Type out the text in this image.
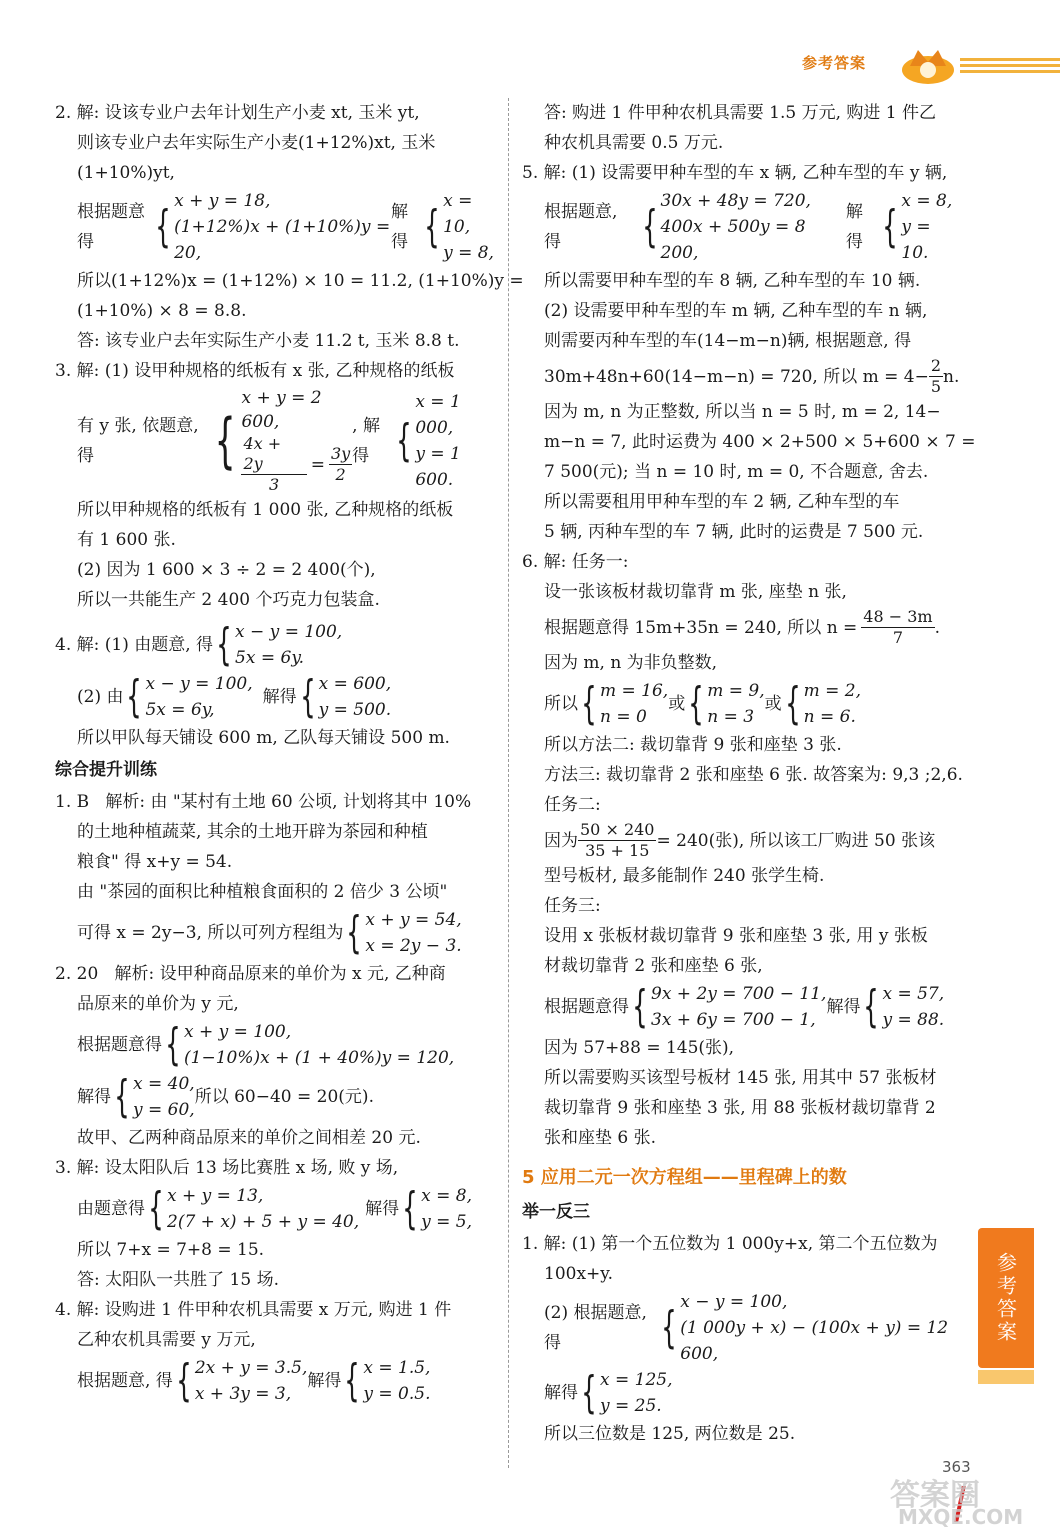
参考答案

2. 解: 设该专业户去年计划生产小麦 xt, 玉米 yt,

则该专业户去年实际生产小麦(1+12%)xt, 玉米

(1+10%)yt,

根据题意得	{ x + y = 18,
(1+12%)x + (1+10%)y = 20,
解得 { x = 10,
y = 8,

所以(1+12%)x = (1+12%) × 10 = 11.2, (1+10%)y =

(1+10%) × 8 = 8.8.

答: 该专业户去年实际生产小麦 11.2 t, 玉米 8.8 t.

3. 解: (1) 设甲种规格的纸板有 x 张, 乙种规格的纸板

有 y 张, 依题意, 得	{
x + y = 2 600,
$\frac{4x + 2y}{3} = \frac{3y}{2}$
, 解得 {
x = 1 000,
y = 1 600.

所以甲种规格的纸板有 1 000 张, 乙种规格的纸板

有 1 600 张.

(2) 因为 1 600 × 3 ÷ 2 = 2 400(个),

所以一共能生产 2 400 个巧克力包装盒.

4. 解: (1) 由题意, 得 { x − y = 100,
5x = 6y.
(2) 由 { x − y = 100,
5x = 6y,
解得 { x = 600,
y = 500.

所以甲队每天铺设 600 m, 乙队每天铺设 500 m.

综合提升训练

1. B   解析: 由 "某村有土地 60 公顷, 计划将其中 10%

的土地种植蔬菜, 其余的土地开辟为茶园和种植

粮食" 得 x+y = 54.

由 "茶园的面积比种植粮食面积的 2 倍少 3 公顷"

可得 x = 2y−3, 所以可列方程组为 { x + y = 54,
x = 2y − 3.

2. 20   解析: 设甲种商品原来的单价为 x 元, 乙种商

品原来的单价为 y 元,

根据题意得 { x + y = 100,
(1−10%)x + (1 + 40%)y = 120,
解得 { x = 40,
y = 60,
所以 60−40 = 20(元).

故甲、乙两种商品原来的单价之间相差 20 元.

3. 解: 设太阳队后 13 场比赛胜 x 场, 败 y 场,

由题意得 { x + y = 13,
2(7 + x) + 5 + y = 40,
解得 { x = 8,
y = 5,

所以 7+x = 7+8 = 15.

答: 太阳队一共胜了 15 场.

4. 解: 设购进 1 件甲种农机具需要 x 万元, 购进 1 件

乙种农机具需要 y 万元,

根据题意, 得 { 2x + y = 3.5,
x + 3y = 3,
解得 { x = 1.5,
y = 0.5.

答: 购进 1 件甲种农机具需要 1.5 万元, 购进 1 件乙

种农机具需要 0.5 万元.

5. 解: (1) 设需要甲种车型的车 x 辆, 乙种车型的车 y 辆,

根据题意, 得	{ 30x + 48y = 720,
400x + 500y = 8 200,
解得 { x = 8,
y = 10.

所以需要甲种车型的车 8 辆, 乙种车型的车 10 辆.

(2) 设需要甲种车型的车 m 辆, 乙种车型的车 n 辆,

则需要丙种车型的车(14−m−n)辆, 根据题意, 得

30m+48n+60(14−m−n) = 720, 所以 $m = 4- \frac{2}{5} n$.

因为 m, n 为正整数, 所以当 n = 5 时, m = 2, 14−

m−n = 7, 此时运费为 400 × 2+500 × 5+600 × 7 =

7 500(元); 当 n = 10 时, m = 0, 不合题意, 舍去.

所以需要租用甲种车型的车 2 辆, 乙种车型的车

5 辆, 丙种车型的车 7 辆, 此时的运费是 7 500 元.

6. 解: 任务一:

设一张该板材裁切靠背 m 张, 座垫 n 张,

根据题意得 15m+35n = 240, 所以 $n = \frac{48 - 3m}{7}$ .

因为 m, n 为非负整数,

所以 { m = 16,
n = 0
或 { m = 9,
n = 3
或 { m = 2,
n = 6.

所以方法二: 裁切靠背 9 张和座垫 3 张.

方法三: 裁切靠背 2 张和座垫 6 张. 故答案为: 9,3 ;2,6.

任务二:

因为 $\frac{50 \times 240}{35 + 15} = 240$(张), 所以该工厂购进 50 张该

型号板材, 最多能制作 240 张学生椅.

任务三:

设用 x 张板材裁切靠背 9 张和座垫 3 张, 用 y 张板

材裁切靠背 2 张和座垫 6 张,

根据题意得 { 9x + 2y = 700 − 11,
3x + 6y = 700 − 1,
解得 { x = 57,
y = 88.

因为 57+88 = 145(张),

所以需要购买该型号板材 145 张, 用其中 57 张板材

裁切靠背 9 张和座垫 3 张, 用 88 张板材裁切靠背 2

张和座垫 6 张.

5 应用二元一次方程组——里程碑上的数

举一反三

1. 解: (1) 第一个五位数为 1 000y+x, 第二个五位数为

100x+y.

(2) 根据题意, 得	{ x − y = 100,
(1 000y + x) − (100x + y) = 12 600,
解得 { x = 125,
y = 25.

所以三位数是 125, 两位数是 25.

参考答案
363
答案圈
MXQE.COM
